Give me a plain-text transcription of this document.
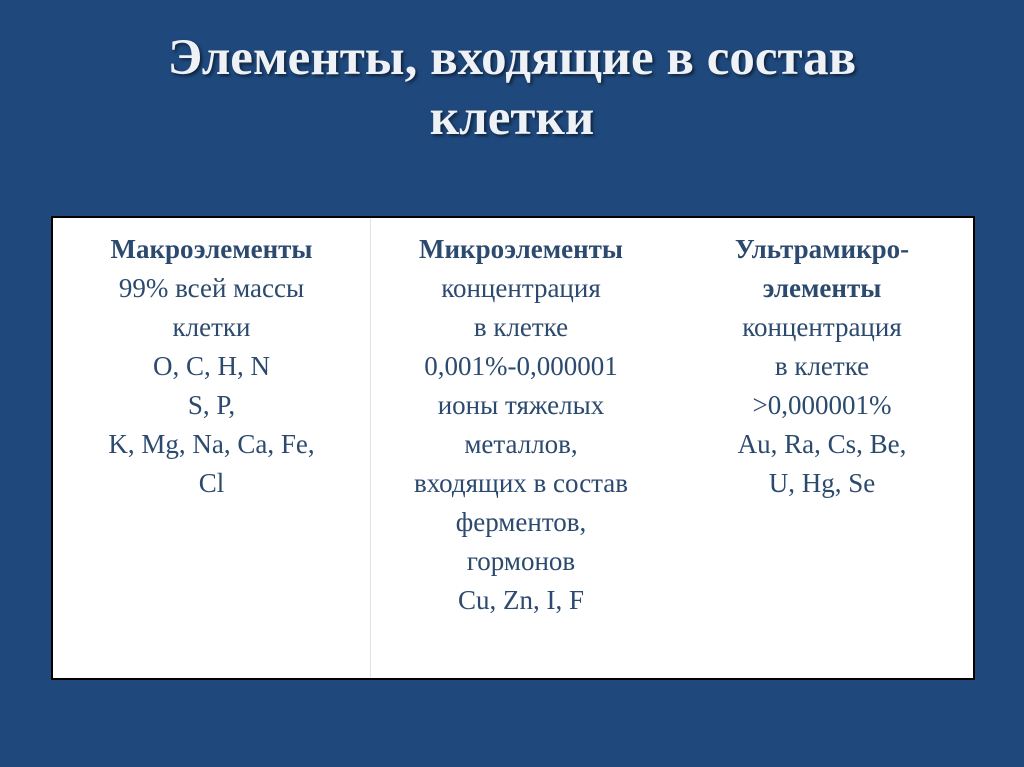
Элементы, входящие в состав
клетки
Макроэлементы
99% всей массы
клетки
O, C, H, N
S, P,
K, Mg, Na, Ca, Fe,
Cl
Микроэлементы
концентрация
в клетке
0,001%-0,000001
ионы тяжелых
металлов,
входящих в состав
ферментов,
гормонов
Cu, Zn, I, F
Ультрамикро-
элементы
концентрация
в клетке
>0,000001%
Au, Ra, Cs, Be,
U, Hg, Se
